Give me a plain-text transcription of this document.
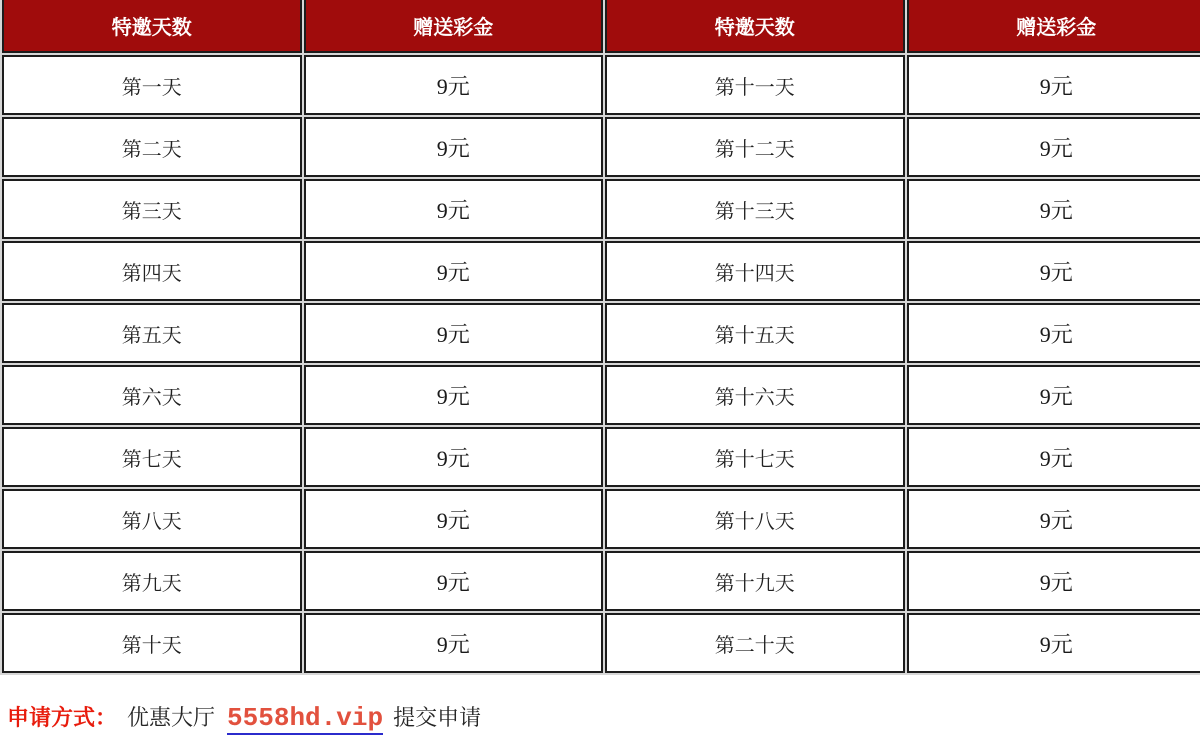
特邀天数	赠送彩金	特邀天数	赠送彩金
第一天	9元	第十一天	9元
第二天	9元	第十二天	9元
第三天	9元	第十三天	9元
第四天	9元	第十四天	9元
第五天	9元	第十五天	9元
第六天	9元	第十六天	9元
第七天	9元	第十七天	9元
第八天	9元	第十八天	9元
第九天	9元	第十九天	9元
第十天	9元	第二十天	9元
申请方式： 优惠大厅 5558hd.vip 提交申请
